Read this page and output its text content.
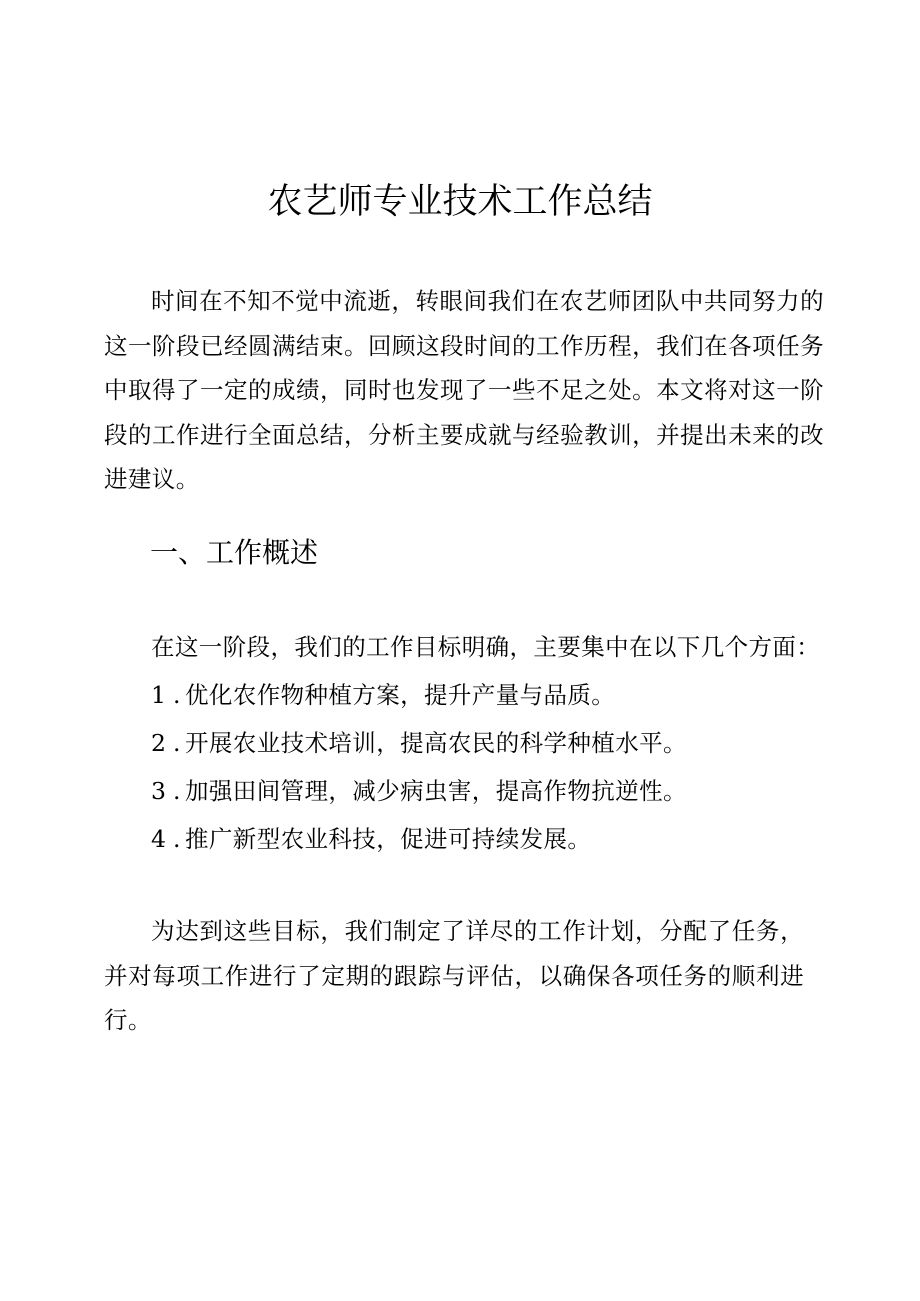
农艺师专业技术工作总结

时间在不知不觉中流逝，转眼间我们在农艺师团队中共同努力的这一阶段已经圆满结束。回顾这段时间的工作历程，我们在各项任务中取得了一定的成绩，同时也发现了一些不足之处。本文将对这一阶段的工作进行全面总结，分析主要成就与经验教训，并提出未来的改进建议。

一、工作概述

在这一阶段，我们的工作目标明确，主要集中在以下几个方面：

1 . 优化农作物种植方案，提升产量与品质。

2 . 开展农业技术培训，提高农民的科学种植水平。

3 . 加强田间管理，减少病虫害，提高作物抗逆性。

4 . 推广新型农业科技，促进可持续发展。

为达到这些目标，我们制定了详尽的工作计划，分配了任务，并对每项工作进行了定期的跟踪与评估，以确保各项任务的顺利进行。
